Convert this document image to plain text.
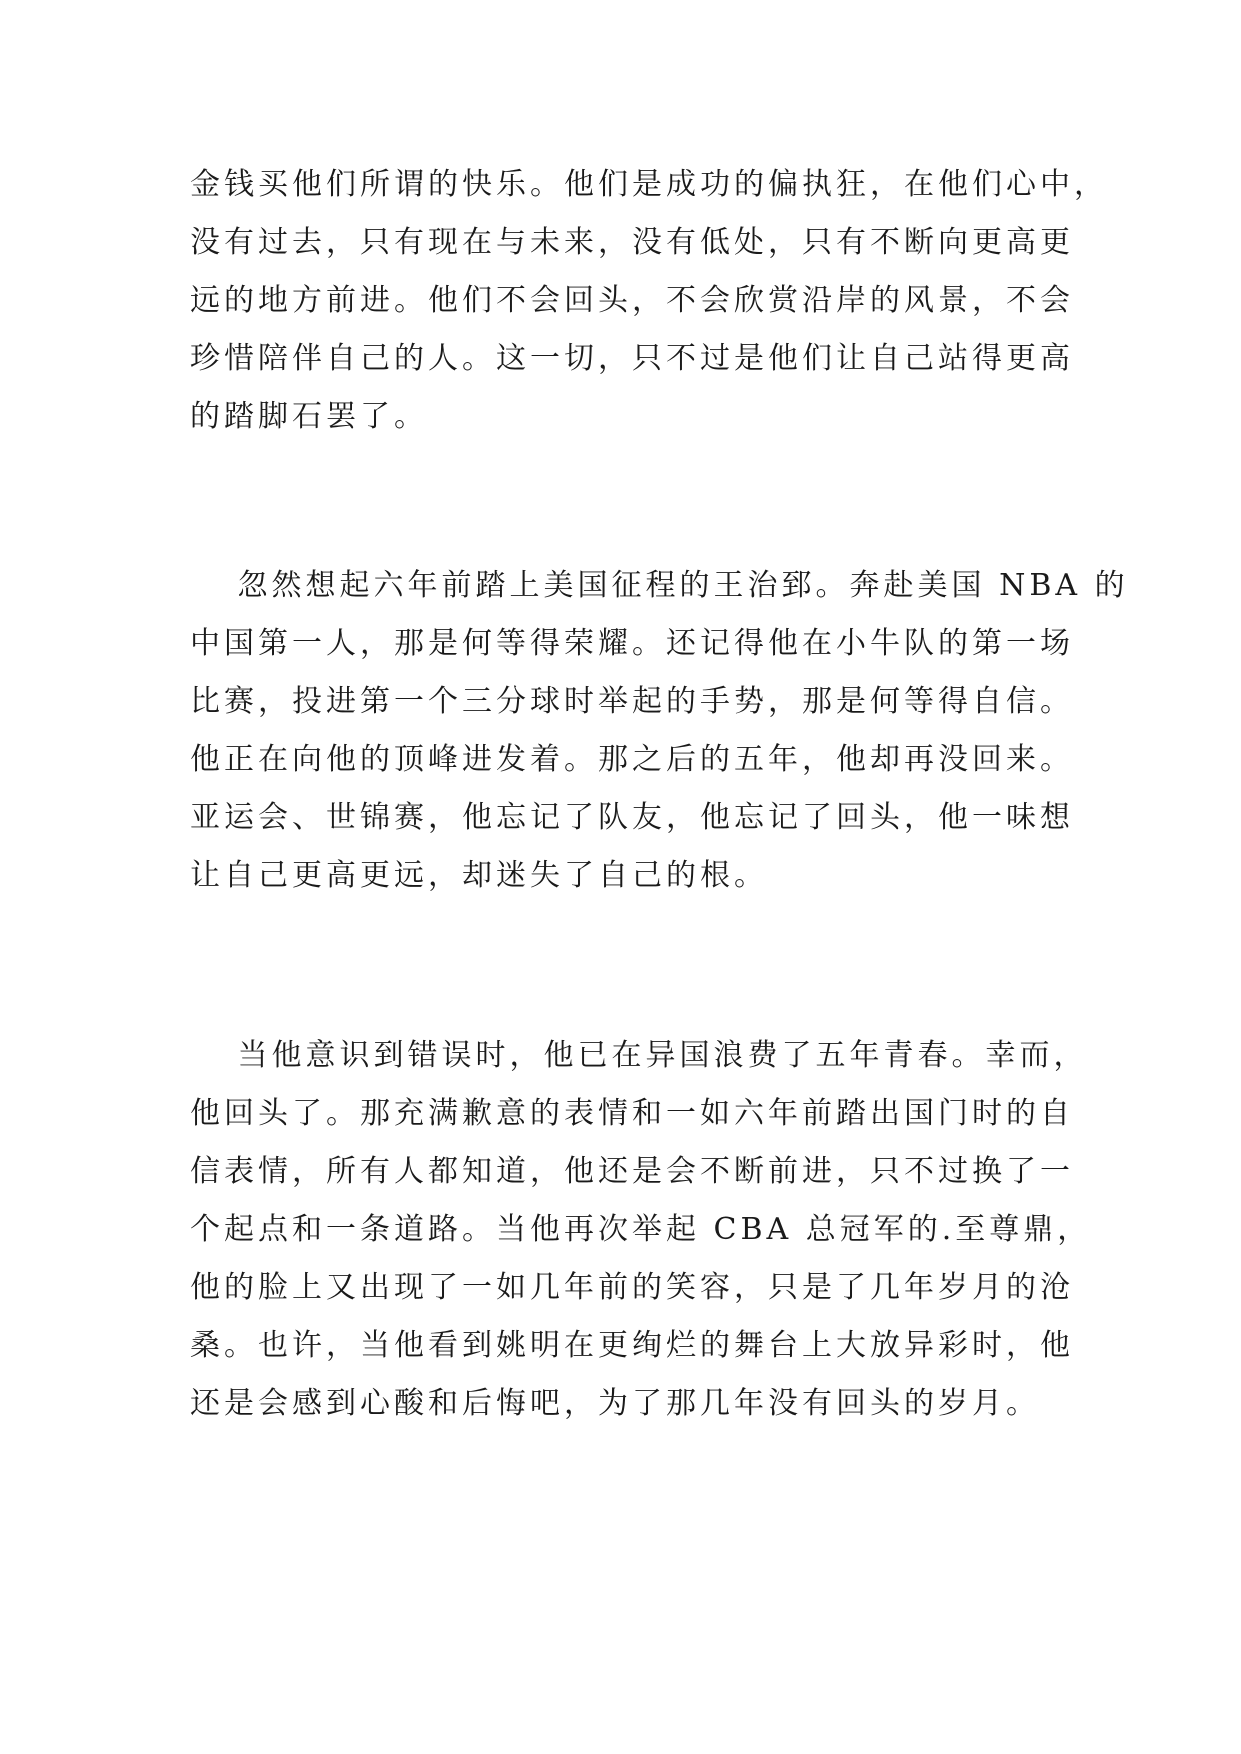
金钱买他们所谓的快乐。他们是成功的偏执狂，在他们心中，
没有过去，只有现在与未来，没有低处，只有不断向更高更
远的地方前进。他们不会回头，不会欣赏沿岸的风景，不会
珍惜陪伴自己的人。这一切，只不过是他们让自己站得更高
的踏脚石罢了。

　 忽然想起六年前踏上美国征程的王治郅。奔赴美国 NBA 的
中国第一人，那是何等得荣耀。还记得他在小牛队的第一场
比赛，投进第一个三分球时举起的手势，那是何等得自信。
他正在向他的顶峰进发着。那之后的五年，他却再没回来。
亚运会、世锦赛，他忘记了队友，他忘记了回头，他一味想
让自己更高更远，却迷失了自己的根。

　 当他意识到错误时，他已在异国浪费了五年青春。幸而，
他回头了。那充满歉意的表情和一如六年前踏出国门时的自
信表情，所有人都知道，他还是会不断前进，只不过换了一
个起点和一条道路。当他再次举起 CBA 总冠军的.至尊鼎，
他的脸上又出现了一如几年前的笑容，只是了几年岁月的沧
桑。也许，当他看到姚明在更绚烂的舞台上大放异彩时，他
还是会感到心酸和后悔吧，为了那几年没有回头的岁月。
